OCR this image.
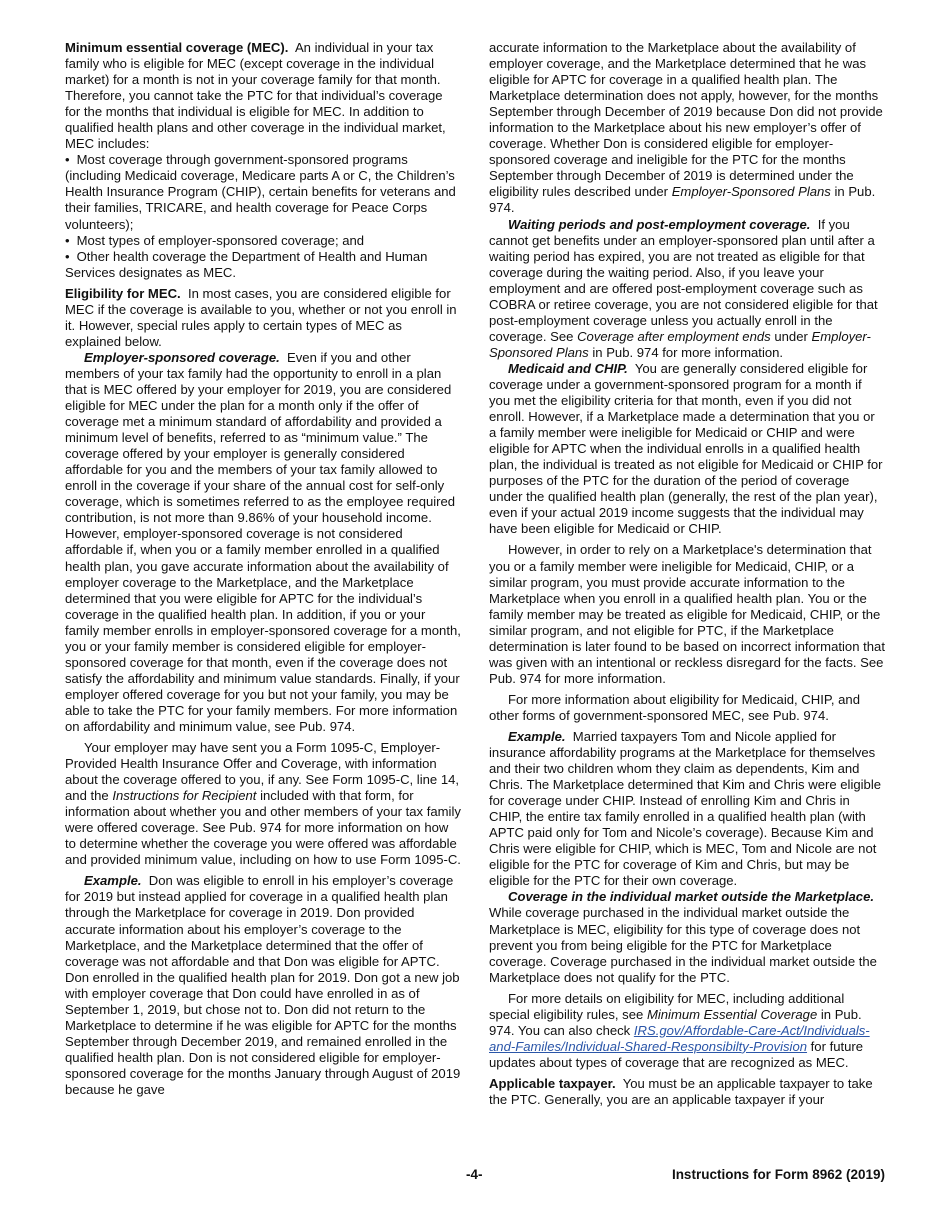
Minimum essential coverage (MEC). An individual in your tax family who is eligible for MEC (except coverage in the individual market) for a month is not in your coverage family for that month. Therefore, you cannot take the PTC for that individual’s coverage for the months that individual is eligible for MEC. In addition to qualified health plans and other coverage in the individual market, MEC includes:

• Most coverage through government-sponsored programs (including Medicaid coverage, Medicare parts A or C, the Children’s Health Insurance Program (CHIP), certain benefits for veterans and their families, TRICARE, and health coverage for Peace Corps volunteers);

• Most types of employer-sponsored coverage; and

• Other health coverage the Department of Health and Human Services designates as MEC.

Eligibility for MEC. In most cases, you are considered eligible for MEC if the coverage is available to you, whether or not you enroll in it. However, special rules apply to certain types of MEC as explained below.

Employer-sponsored coverage. Even if you and other members of your tax family had the opportunity to enroll in a plan that is MEC offered by your employer for 2019, you are considered eligible for MEC under the plan for a month only if the offer of coverage met a minimum standard of affordability and provided a minimum level of benefits, referred to as “minimum value.” The coverage offered by your employer is generally considered affordable for you and the members of your tax family allowed to enroll in the coverage if your share of the annual cost for self-only coverage, which is sometimes referred to as the employee required contribution, is not more than 9.86% of your household income. However, employer-sponsored coverage is not considered affordable if, when you or a family member enrolled in a qualified health plan, you gave accurate information about the availability of employer coverage to the Marketplace, and the Marketplace determined that you were eligible for APTC for the individual’s coverage in the qualified health plan. In addition, if you or your family member enrolls in employer-sponsored coverage for a month, you or your family member is considered eligible for employer-sponsored coverage for that month, even if the coverage does not satisfy the affordability and minimum value standards. Finally, if your employer offered coverage for you but not your family, you may be able to take the PTC for your family members. For more information on affordability and minimum value, see Pub. 974.

Your employer may have sent you a Form 1095-C, Employer-Provided Health Insurance Offer and Coverage, with information about the coverage offered to you, if any. See Form 1095-C, line 14, and the Instructions for Recipient included with that form, for information about whether you and other members of your tax family were offered coverage. See Pub. 974 for more information on how to determine whether the coverage you were offered was affordable and provided minimum value, including on how to use Form 1095-C.

Example. Don was eligible to enroll in his employer’s coverage for 2019 but instead applied for coverage in a qualified health plan through the Marketplace for coverage in 2019. Don provided accurate information about his employer’s coverage to the Marketplace, and the Marketplace determined that the offer of coverage was not affordable and that Don was eligible for APTC. Don enrolled in the qualified health plan for 2019. Don got a new job with employer coverage that Don could have enrolled in as of September 1, 2019, but chose not to. Don did not return to the Marketplace to determine if he was eligible for APTC for the months September through December 2019, and remained enrolled in the qualified health plan. Don is not considered eligible for employer-sponsored coverage for the months January through August of 2019 because he gave

accurate information to the Marketplace about the availability of employer coverage, and the Marketplace determined that he was eligible for APTC for coverage in a qualified health plan. The Marketplace determination does not apply, however, for the months September through December of 2019 because Don did not provide information to the Marketplace about his new employer’s offer of coverage. Whether Don is considered eligible for employer-sponsored coverage and ineligible for the PTC for the months September through December of 2019 is determined under the eligibility rules described under Employer-Sponsored Plans in Pub. 974.

Waiting periods and post-employment coverage. If you cannot get benefits under an employer-sponsored plan until after a waiting period has expired, you are not treated as eligible for that coverage during the waiting period. Also, if you leave your employment and are offered post-employment coverage such as COBRA or retiree coverage, you are not considered eligible for that post-employment coverage unless you actually enroll in the coverage. See Coverage after employment ends under Employer-Sponsored Plans in Pub. 974 for more information.

Medicaid and CHIP. You are generally considered eligible for coverage under a government-sponsored program for a month if you met the eligibility criteria for that month, even if you did not enroll. However, if a Marketplace made a determination that you or a family member were ineligible for Medicaid or CHIP and were eligible for APTC when the individual enrolls in a qualified health plan, the individual is treated as not eligible for Medicaid or CHIP for purposes of the PTC for the duration of the period of coverage under the qualified health plan (generally, the rest of the plan year), even if your actual 2019 income suggests that the individual may have been eligible for Medicaid or CHIP.

However, in order to rely on a Marketplace's determination that you or a family member were ineligible for Medicaid, CHIP, or a similar program, you must provide accurate information to the Marketplace when you enroll in a qualified health plan. You or the family member may be treated as eligible for Medicaid, CHIP, or the similar program, and not eligible for PTC, if the Marketplace determination is later found to be based on incorrect information that was given with an intentional or reckless disregard for the facts. See Pub. 974 for more information.

For more information about eligibility for Medicaid, CHIP, and other forms of government-sponsored MEC, see Pub. 974.

Example. Married taxpayers Tom and Nicole applied for insurance affordability programs at the Marketplace for themselves and their two children whom they claim as dependents, Kim and Chris. The Marketplace determined that Kim and Chris were eligible for coverage under CHIP. Instead of enrolling Kim and Chris in CHIP, the entire tax family enrolled in a qualified health plan (with APTC paid only for Tom and Nicole’s coverage). Because Kim and Chris were eligible for CHIP, which is MEC, Tom and Nicole are not eligible for the PTC for coverage of Kim and Chris, but may be eligible for the PTC for their own coverage.

Coverage in the individual market outside the Marketplace.  While coverage purchased in the individual market outside the Marketplace is MEC, eligibility for this type of coverage does not prevent you from being eligible for the PTC for Marketplace coverage. Coverage purchased in the individual market outside the Marketplace does not qualify for the PTC.

For more details on eligibility for MEC, including additional special eligibility rules, see Minimum Essential Coverage in Pub. 974. You can also check IRS.gov/Affordable-Care-Act/Individuals-and-Familes/Individual-Shared-Responsibilty-Provision for future updates about types of coverage that are recognized as MEC.

Applicable taxpayer. You must be an applicable taxpayer to take the PTC. Generally, you are an applicable taxpayer if your

-4-	Instructions for Form 8962 (2019)
